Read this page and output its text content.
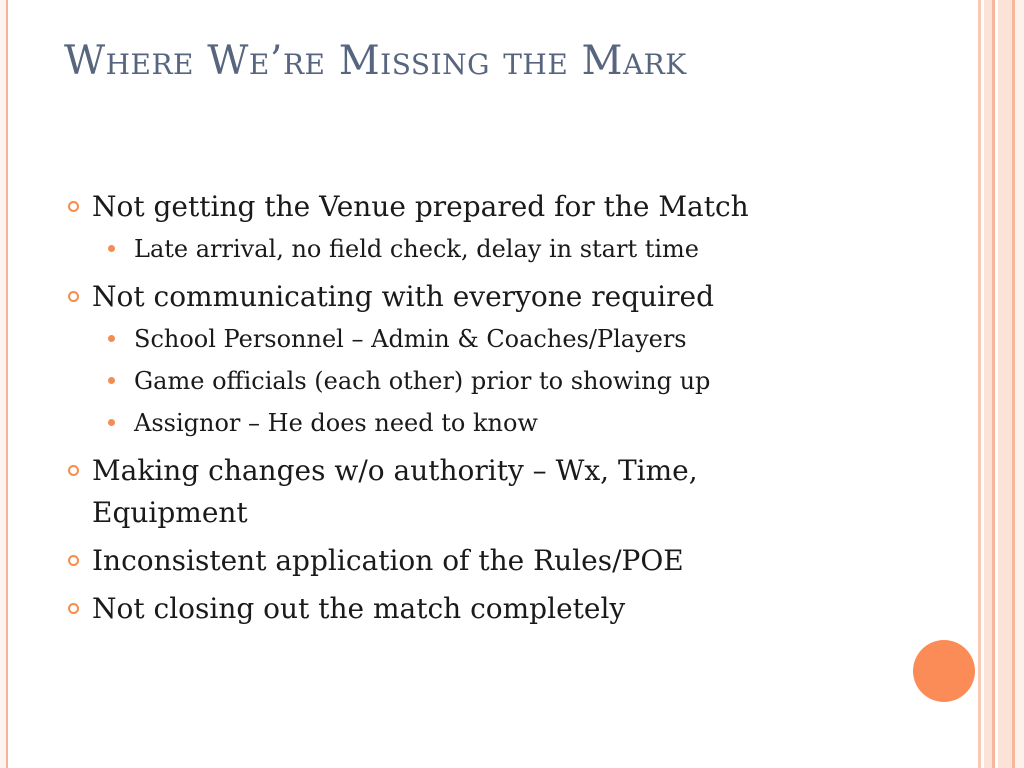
Where We’re Missing the Mark
Not getting the Venue prepared for the Match
Late arrival, no field check, delay in start time
Not communicating with everyone required
School Personnel – Admin & Coaches/Players
Game officials (each other) prior to showing up
Assignor – He does need to know
Making changes w/o authority – Wx, Time, Equipment
Inconsistent application of the Rules/POE
Not closing out the match completely
